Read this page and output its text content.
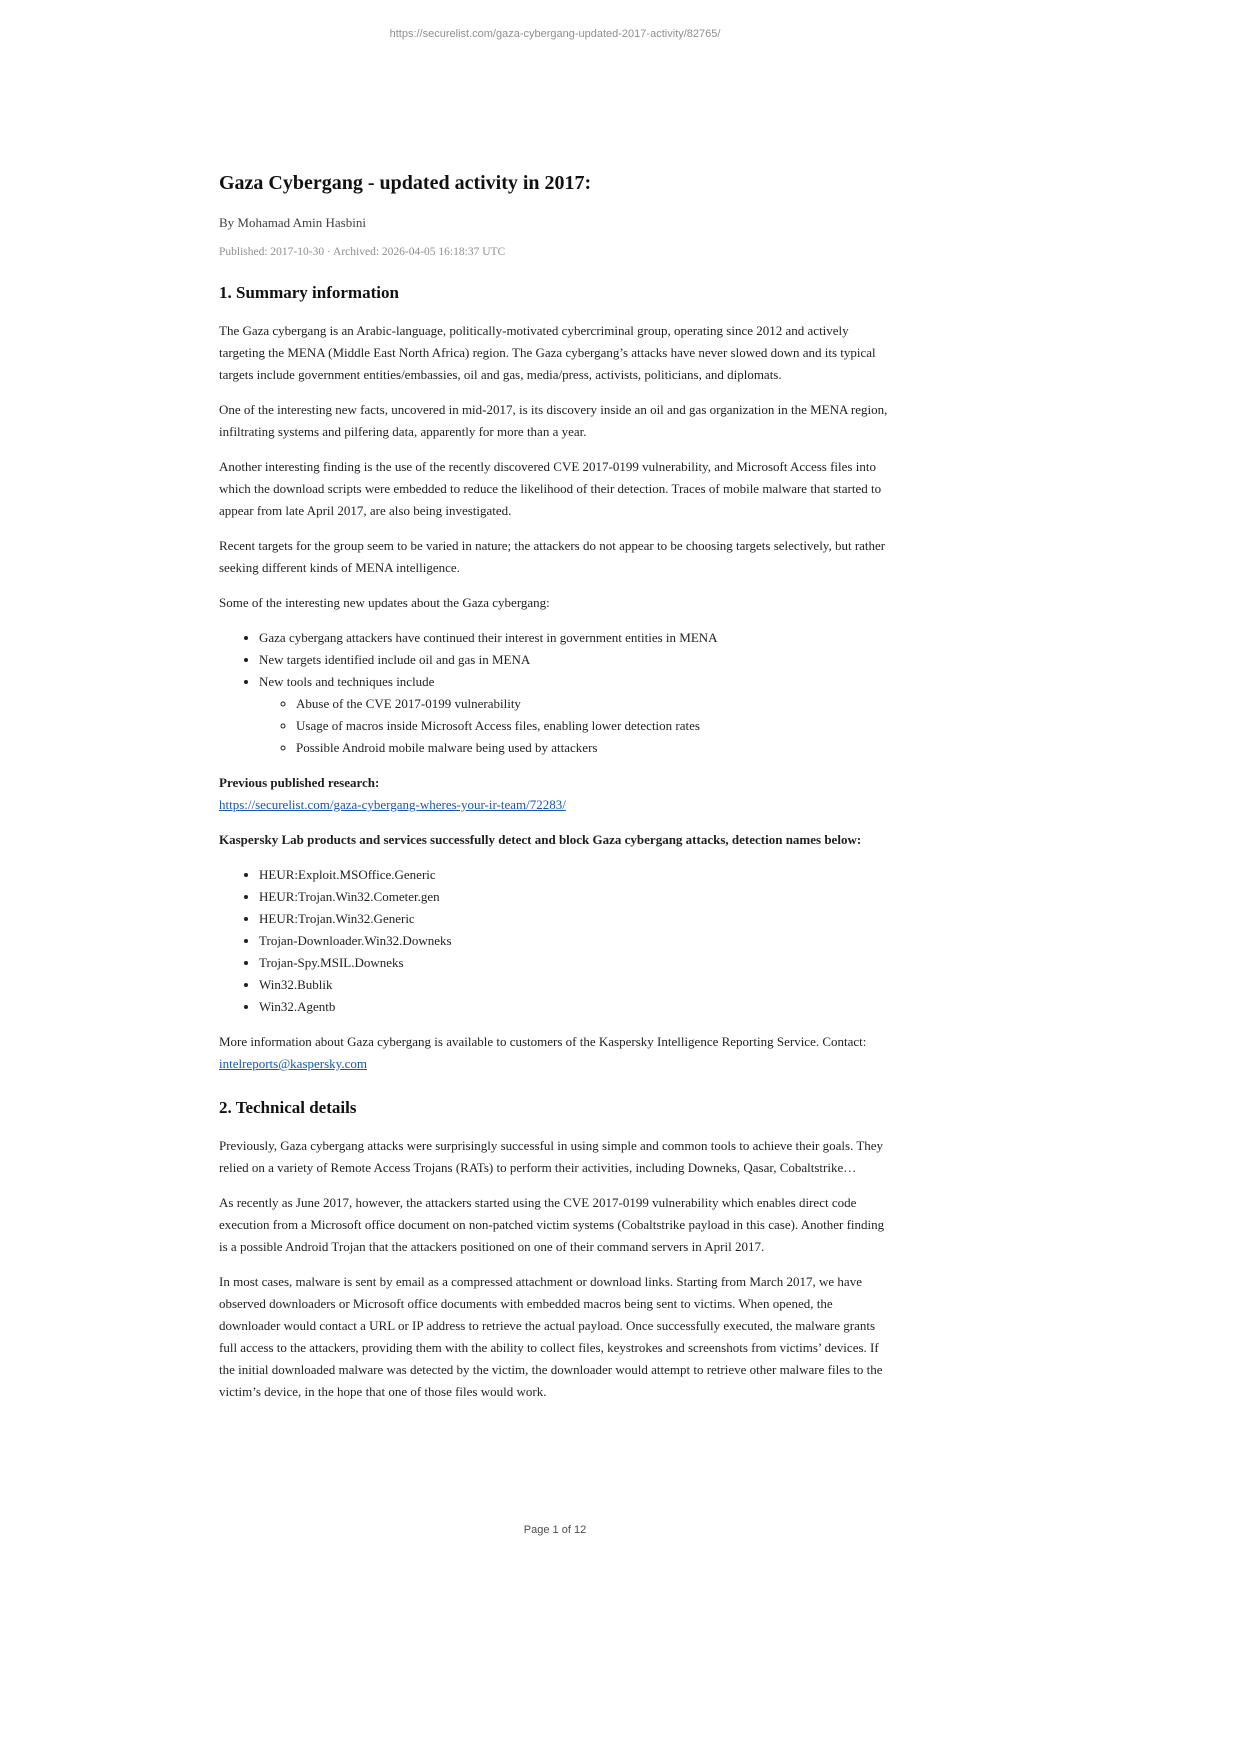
https://securelist.com/gaza-cybergang-updated-2017-activity/82765/
Gaza Cybergang - updated activity in 2017:

By Mohamad Amin Hasbini

Published: 2017-10-30 · Archived: 2026-04-05 16:18:37 UTC

1. Summary information

The Gaza cybergang is an Arabic-language, politically-motivated cybercriminal group, operating since 2012 and actively targeting the MENA (Middle East North Africa) region. The Gaza cybergang’s attacks have never slowed down and its typical targets include government entities/embassies, oil and gas, media/press, activists, politicians, and diplomats.

One of the interesting new facts, uncovered in mid-2017, is its discovery inside an oil and gas organization in the MENA region, infiltrating systems and pilfering data, apparently for more than a year.

Another interesting finding is the use of the recently discovered CVE 2017-0199 vulnerability, and Microsoft Access files into which the download scripts were embedded to reduce the likelihood of their detection. Traces of mobile malware that started to appear from late April 2017, are also being investigated.

Recent targets for the group seem to be varied in nature; the attackers do not appear to be choosing targets selectively, but rather seeking different kinds of MENA intelligence.

Some of the interesting new updates about the Gaza cybergang:

• Gaza cybergang attackers have continued their interest in government entities in MENA
• New targets identified include oil and gas in MENA
• New tools and techniques include
◦ Abuse of the CVE 2017-0199 vulnerability
◦ Usage of macros inside Microsoft Access files, enabling lower detection rates
◦ Possible Android mobile malware being used by attackers

Previous published research:

https://securelist.com/gaza-cybergang-wheres-your-ir-team/72283/

Kaspersky Lab products and services successfully detect and block Gaza cybergang attacks, detection names below:

• HEUR:Exploit.MSOffice.Generic
• HEUR:Trojan.Win32.Cometer.gen
• HEUR:Trojan.Win32.Generic
• Trojan-Downloader.Win32.Downeks
• Trojan-Spy.MSIL.Downeks
• Win32.Bublik
• Win32.Agentb

More information about Gaza cybergang is available to customers of the Kaspersky Intelligence Reporting Service. Contact:

intelreports@kaspersky.com

2. Technical details

Previously, Gaza cybergang attacks were surprisingly successful in using simple and common tools to achieve their goals. They relied on a variety of Remote Access Trojans (RATs) to perform their activities, including Downeks, Qasar, Cobaltstrike…

As recently as June 2017, however, the attackers started using the CVE 2017-0199 vulnerability which enables direct code execution from a Microsoft office document on non-patched victim systems (Cobaltstrike payload in this case). Another finding is a possible Android Trojan that the attackers positioned on one of their command servers in April 2017.

In most cases, malware is sent by email as a compressed attachment or download links. Starting from March 2017, we have observed downloaders or Microsoft office documents with embedded macros being sent to victims. When opened, the downloader would contact a URL or IP address to retrieve the actual payload. Once successfully executed, the malware grants full access to the attackers, providing them with the ability to collect files, keystrokes and screenshots from victims’ devices. If the initial downloaded malware was detected by the victim, the downloader would attempt to retrieve other malware files to the victim’s device, in the hope that one of those files would work.

Page 1 of 12
